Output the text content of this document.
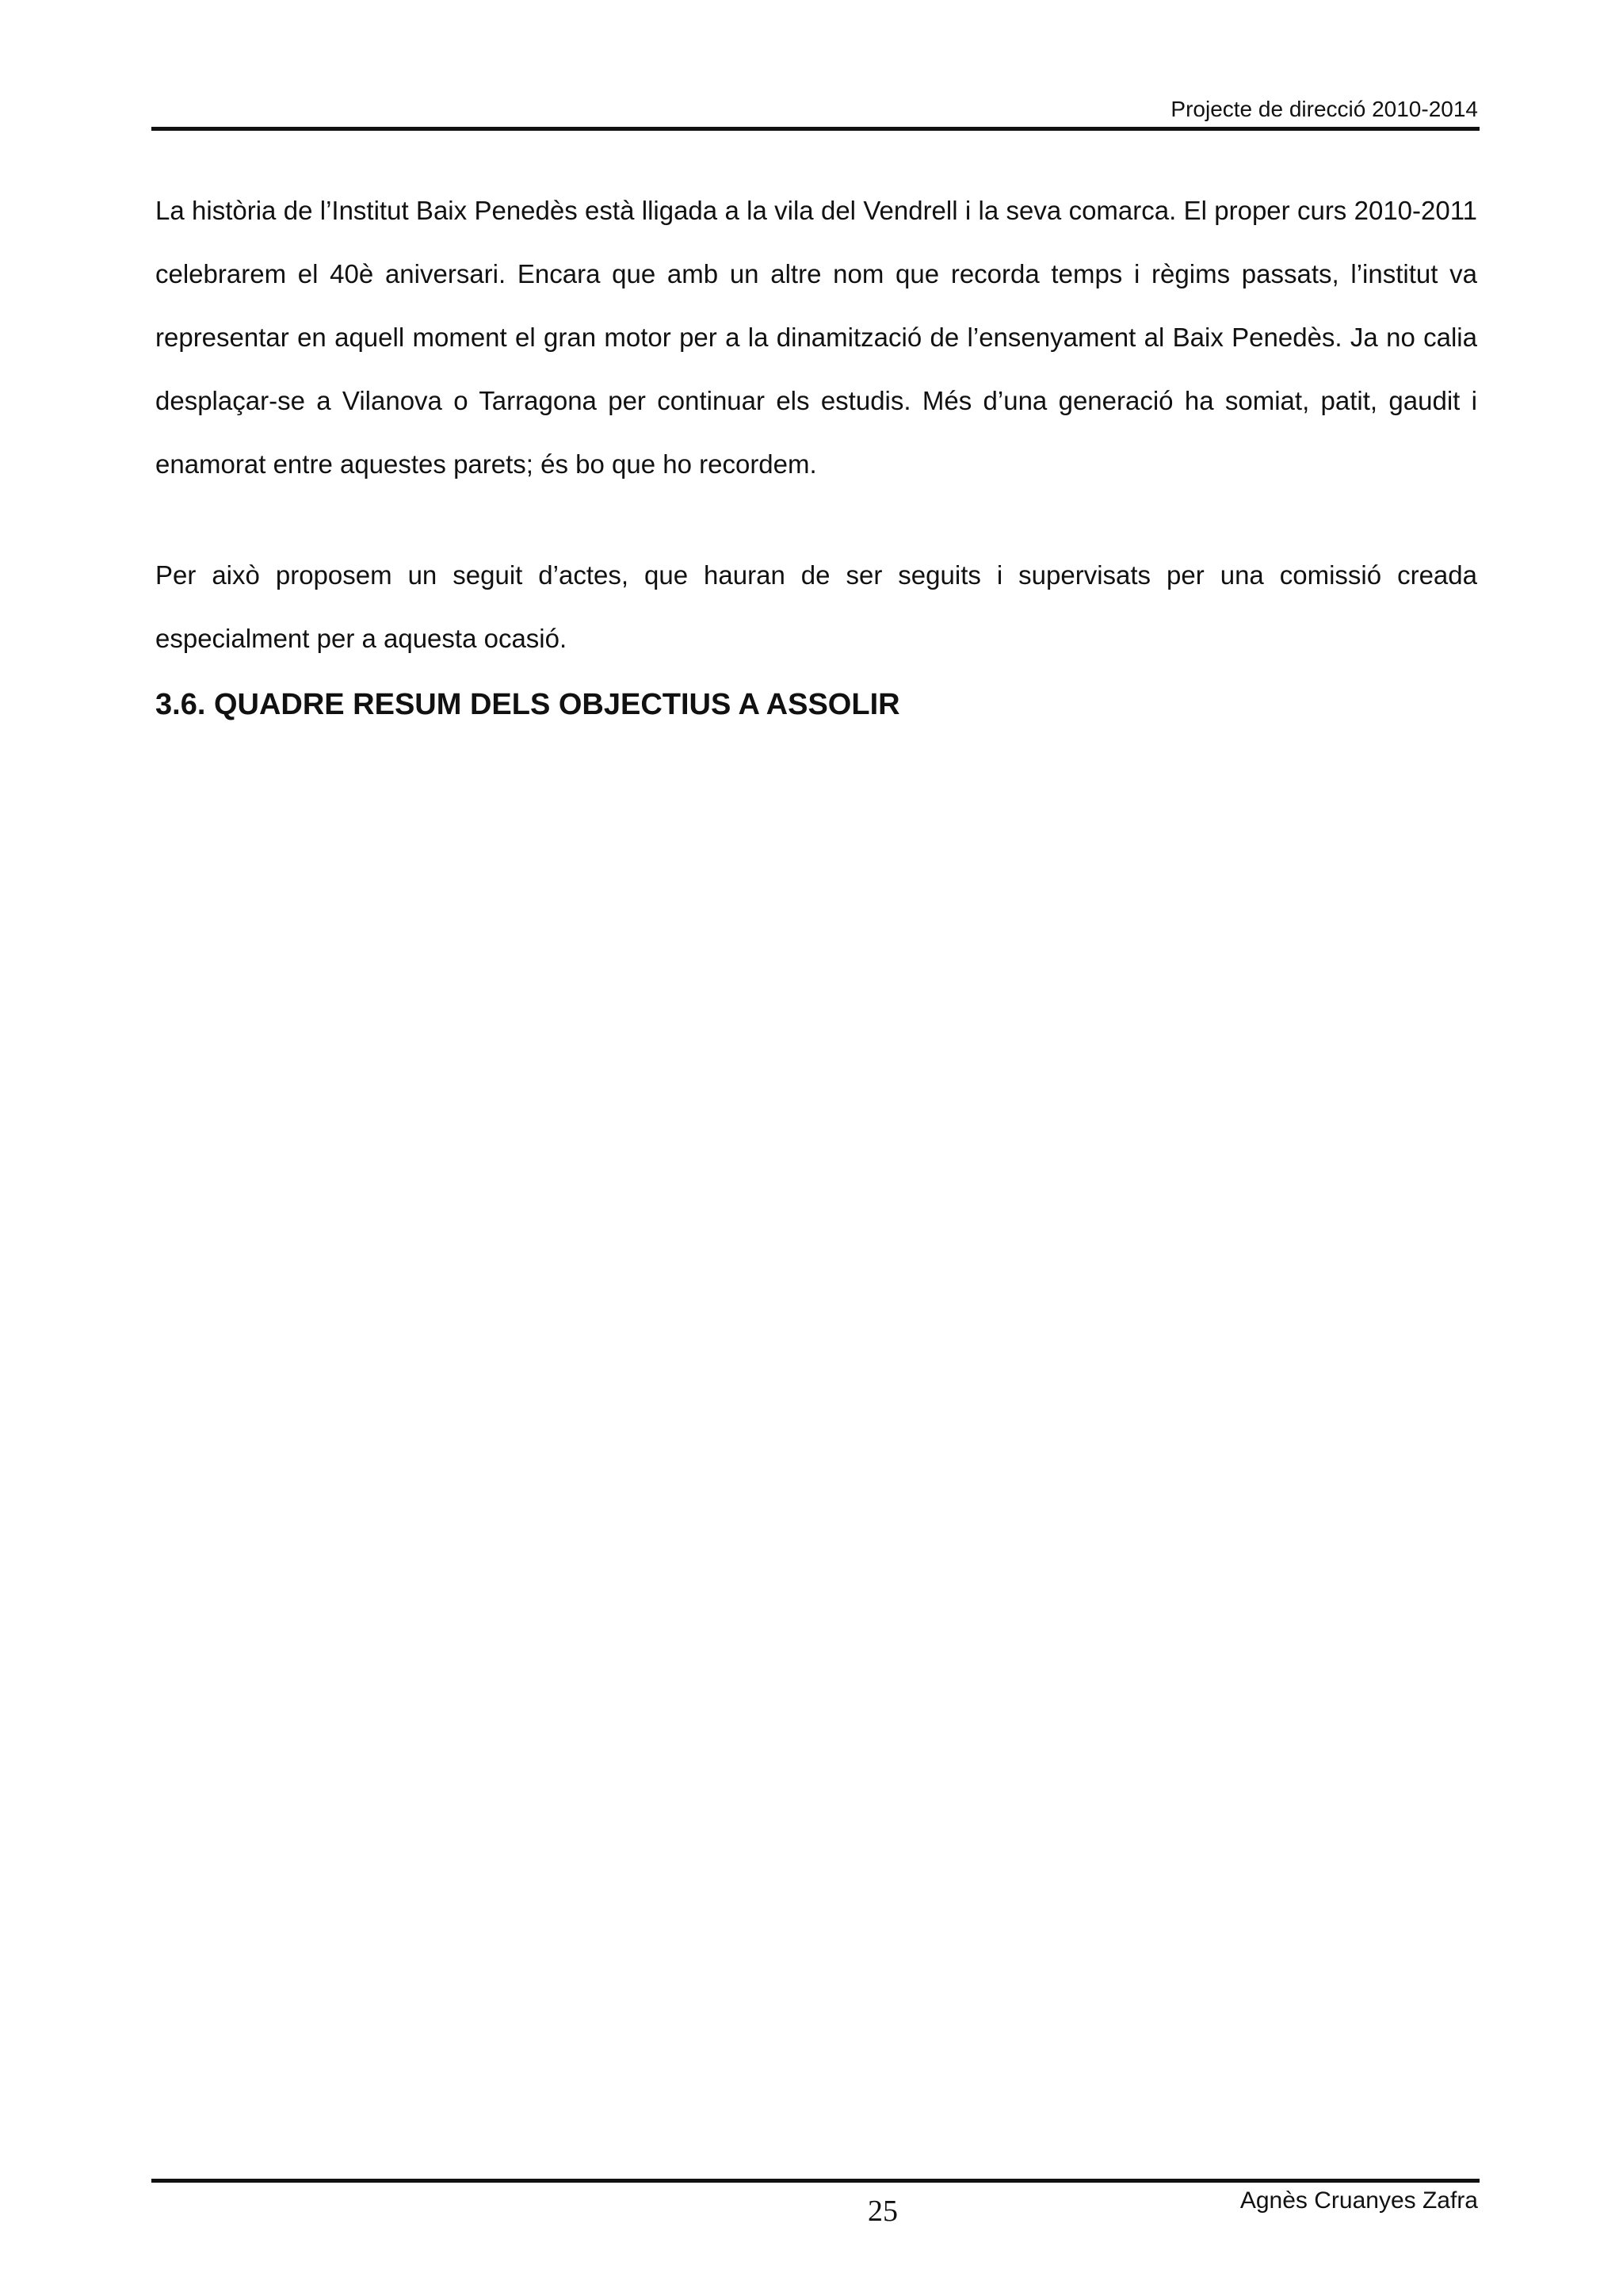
Projecte de direcció 2010-2014

La història de l’Institut Baix Penedès està lligada a la vila del Vendrell i la seva comarca. El proper curs 2010-2011 celebrarem el 40è aniversari. Encara que amb un altre nom que recorda temps i règims passats, l’institut va representar en aquell moment el gran motor per a la dinamització de l’ensenyament al Baix Penedès. Ja no calia desplaçar-se a Vilanova o Tarragona per continuar els estudis. Més d’una generació ha somiat, patit, gaudit i enamorat entre aquestes parets; és bo que ho recordem.

Per això proposem un seguit d’actes, que hauran de ser seguits i supervisats per una comissió creada especialment per a aquesta ocasió.

3.6. QUADRE RESUM DELS OBJECTIUS A ASSOLIR
25	Agnès Cruanyes Zafra
